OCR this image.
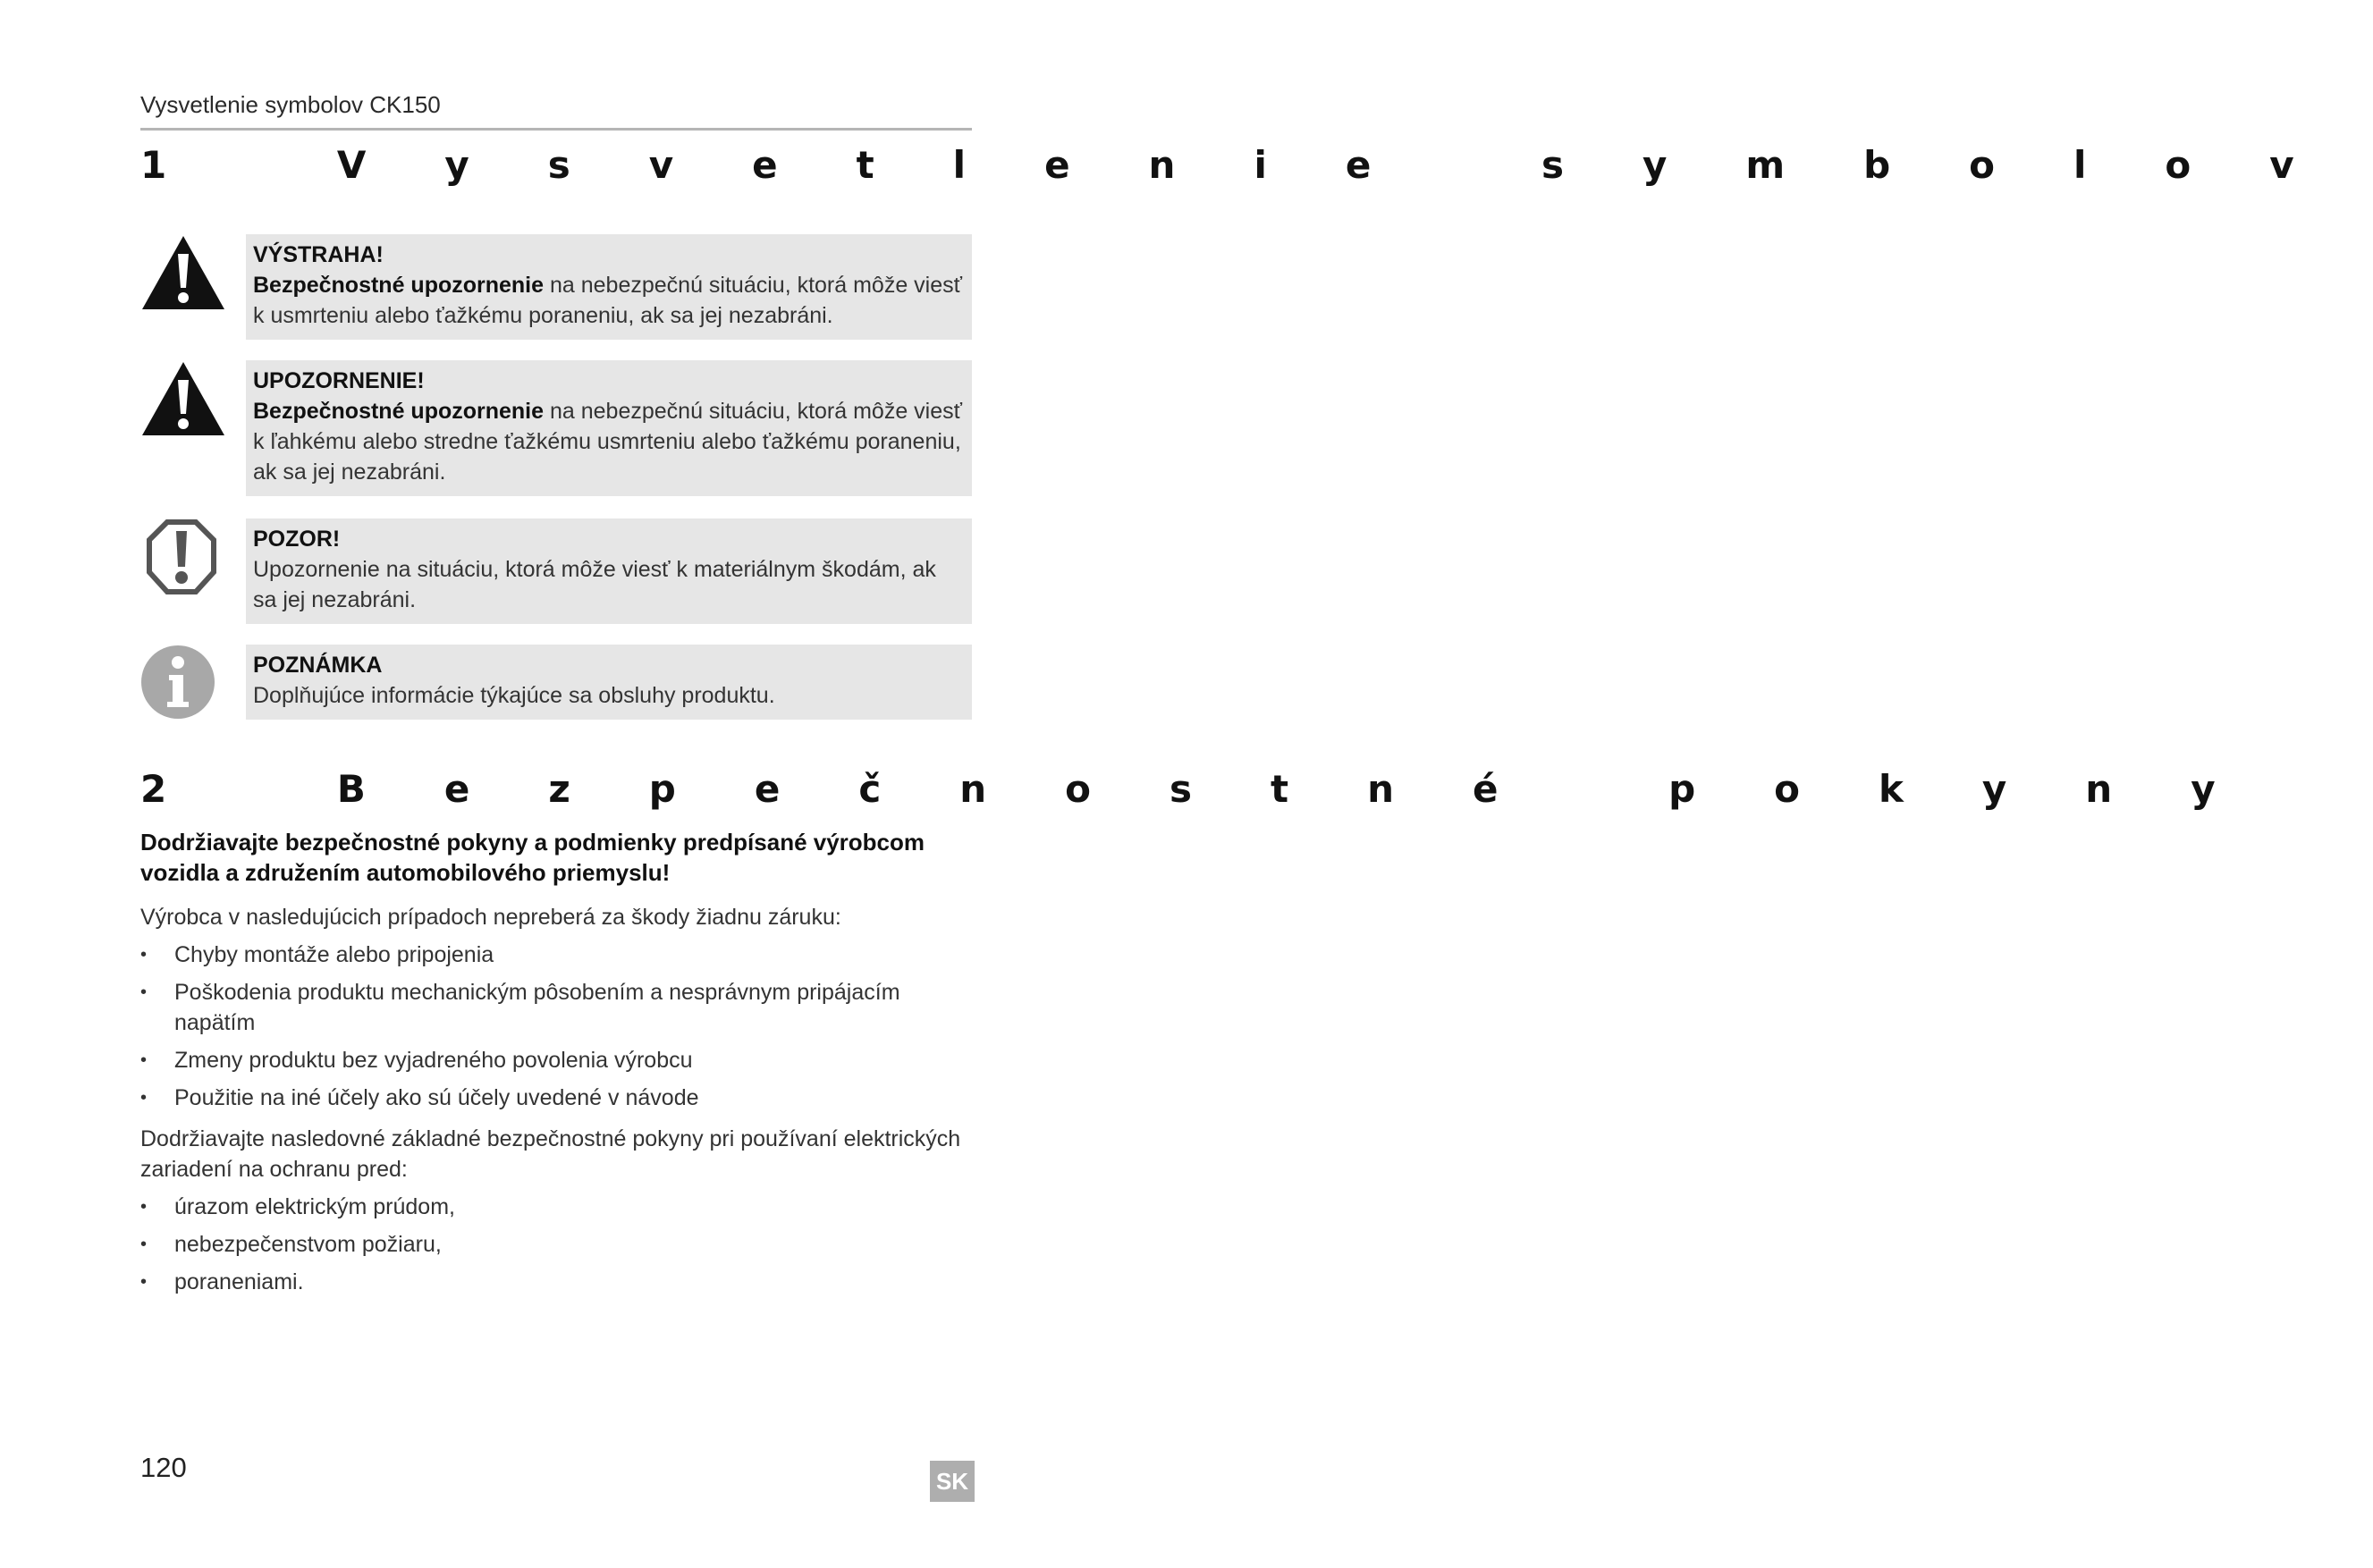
Vysvetlenie symbolov CK150
1 Vysvetlenie symbolov
VÝSTRAHA!
Bezpečnostné upozornenie na nebezpečnú situáciu, ktorá môže viesť k usmrteniu alebo ťažkému poraneniu, ak sa jej nezabráni.
UPOZORNENIE!
Bezpečnostné upozornenie na nebezpečnú situáciu, ktorá môže viesť k ľahkému alebo stredne ťažkému usmrteniu alebo ťažkému poraneniu, ak sa jej nezabráni.
POZOR!
Upozornenie na situáciu, ktorá môže viesť k materiálnym škodám, ak sa jej nezabráni.
POZNÁMKA
Doplňujúce informácie týkajúce sa obsluhy produktu.
2 Bezpečnostné pokyny

Dodržiavajte bezpečnostné pokyny a podmienky predpísané výrobcom vozidla a združením automobilového priemyslu!

Výrobca v nasledujúcich prípadoch nepreberá za škody žiadnu záruku:

• Chyby montáže alebo pripojenia
• Poškodenia produktu mechanickým pôsobením a nesprávnym pripájacím napätím
• Zmeny produktu bez vyjadreného povolenia výrobcu
• Použitie na iné účely ako sú účely uvedené v návode

Dodržiavajte nasledovné základné bezpečnostné pokyny pri používaní elektrických zariadení na ochranu pred:

• úrazom elektrickým prúdom,
• nebezpečenstvom požiaru,
• poraneniami.
120	SK
